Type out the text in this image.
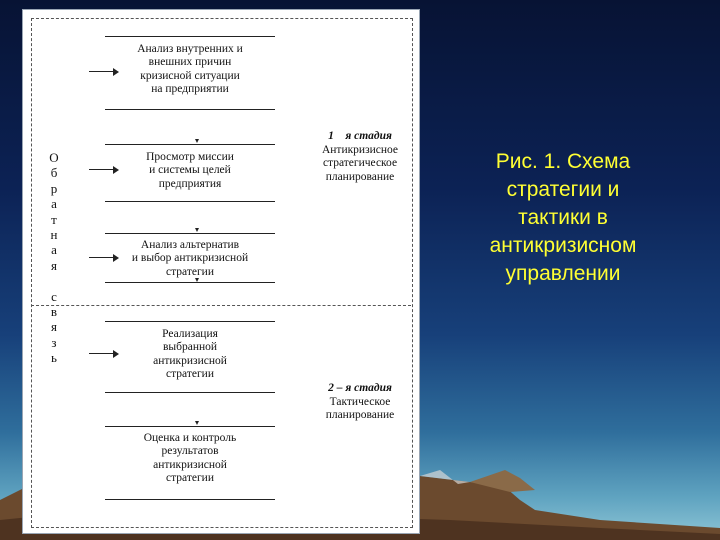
О
б
р
а
т
н
а
я

с
в
я
з
ь
Анализ внутренних и
внешних причин
кризисной ситуации
на предприятии
Просмотр миссии
и системы целей
предприятия
Анализ альтернатив
и выбор антикризисной
стратегии
Реализация
выбранной
антикризисной
стратегии
Оценка и контроль
результатов
антикризисной
стратегии
1    я стадия
Антикризисное
стратегическое
планирование
2 – я стадия
Тактическое
планирование
Рис. 1. Схема
стратегии и
тактики в
антикризисном
управлении
